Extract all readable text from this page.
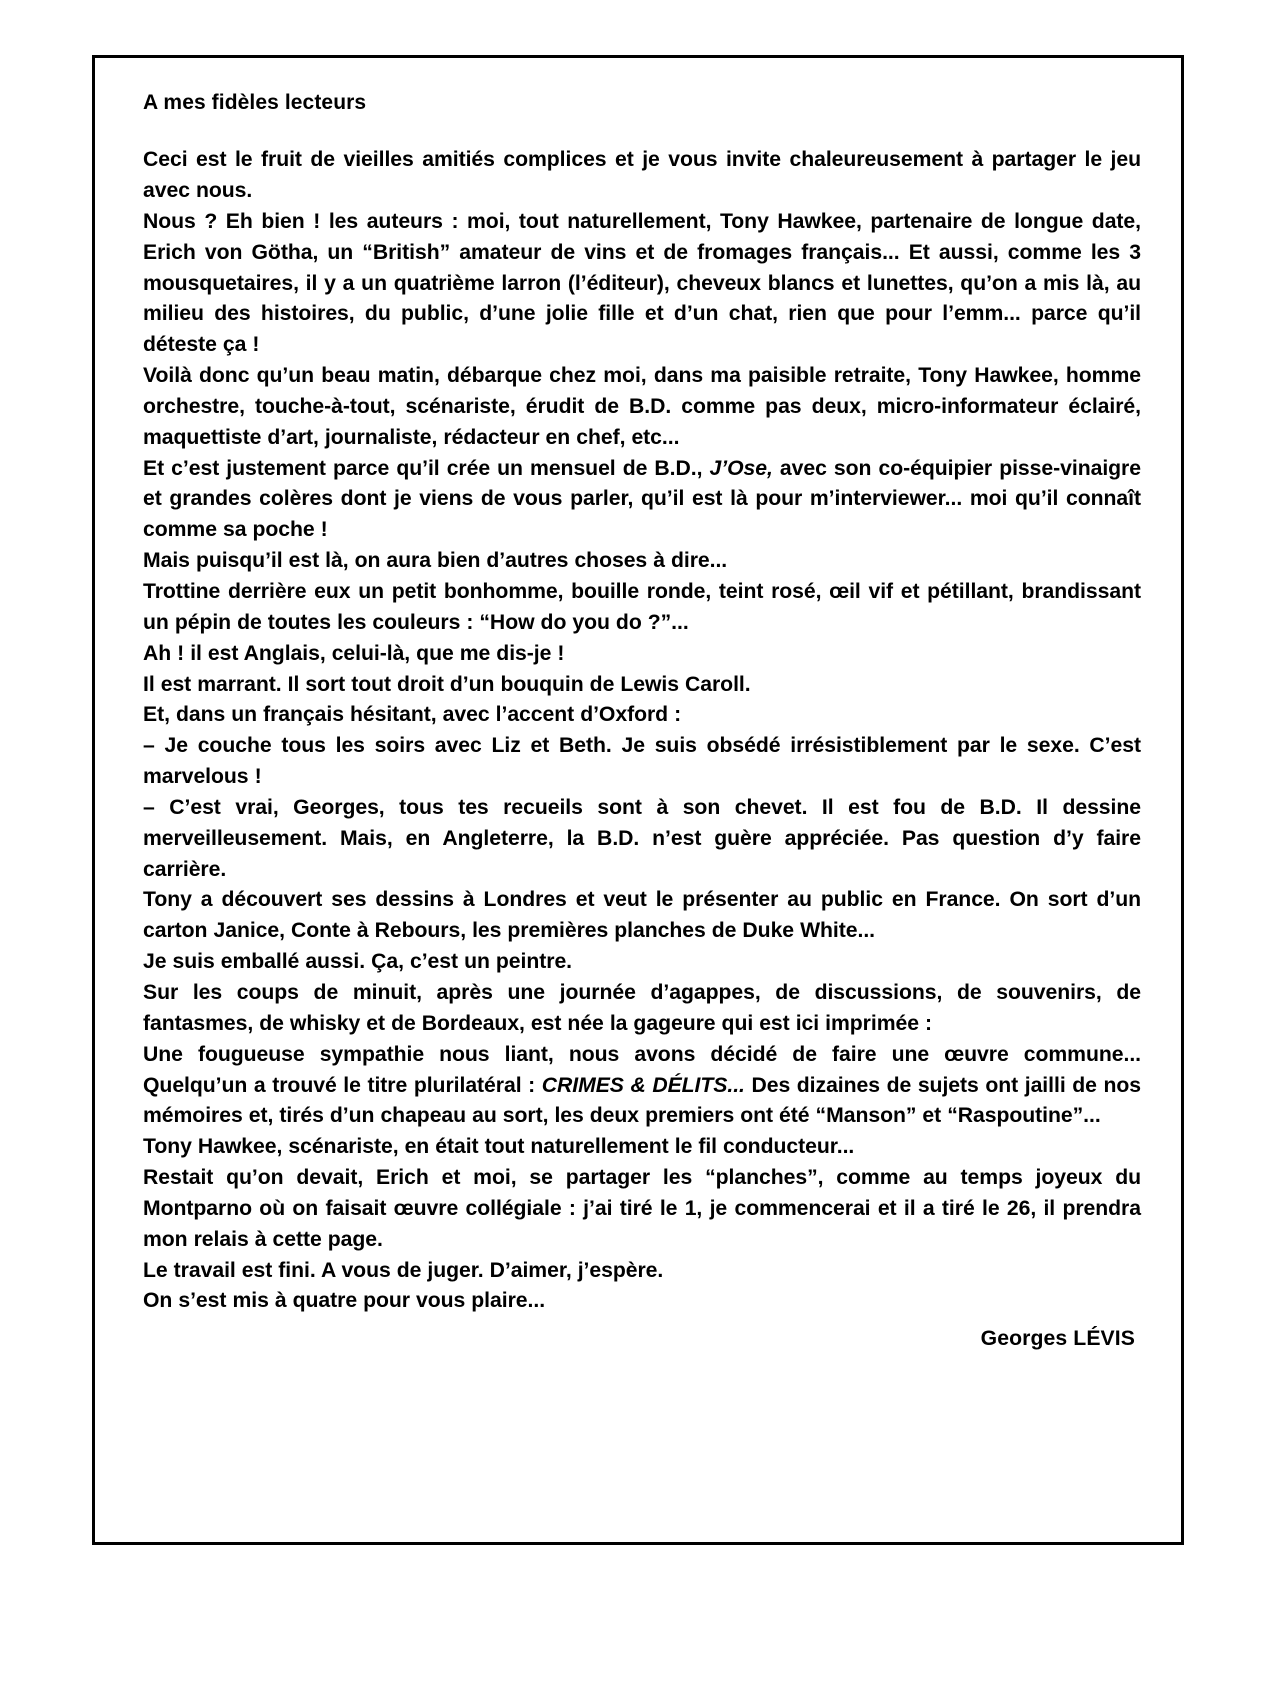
A mes fidèles lecteurs

Ceci est le fruit de vieilles amitiés complices et je vous invite chaleureusement à partager le jeu avec nous.

Nous ? Eh bien ! les auteurs : moi, tout naturellement, Tony Hawkee, partenaire de longue date, Erich von Götha, un “British” amateur de vins et de fromages français... Et aussi, comme les 3 mousquetaires, il y a un quatrième larron (l’éditeur), cheveux blancs et lunettes, qu’on a mis là, au milieu des histoires, du public, d’une jolie fille et d’un chat, rien que pour l’emm... parce qu’il déteste ça !

Voilà donc qu’un beau matin, débarque chez moi, dans ma paisible retraite, Tony Hawkee, homme orchestre, touche-à-tout, scénariste, érudit de B.D. comme pas deux, micro-informateur éclairé, maquettiste d’art, journaliste, rédacteur en chef, etc...

Et c’est justement parce qu’il crée un mensuel de B.D., J’Ose, avec son co-équipier pisse-vinaigre et grandes colères dont je viens de vous parler, qu’il est là pour m’interviewer... moi qu’il connaît comme sa poche !

Mais puisqu’il est là, on aura bien d’autres choses à dire...

Trottine derrière eux un petit bonhomme, bouille ronde, teint rosé, œil vif et pétillant, brandissant un pépin de toutes les couleurs : “How do you do ?”...

Ah ! il est Anglais, celui-là, que me dis-je !

Il est marrant. Il sort tout droit d’un bouquin de Lewis Caroll.

Et, dans un français hésitant, avec l’accent d’Oxford :

– Je couche tous les soirs avec Liz et Beth. Je suis obsédé irrésistiblement par le sexe. C’est marvelous !

– C’est vrai, Georges, tous tes recueils sont à son chevet. Il est fou de B.D. Il dessine merveilleusement. Mais, en Angleterre, la B.D. n’est guère appréciée. Pas question d’y faire carrière.

Tony a découvert ses dessins à Londres et veut le présenter au public en France. On sort d’un carton Janice, Conte à Rebours, les premières planches de Duke White...

Je suis emballé aussi. Ça, c’est un peintre.

Sur les coups de minuit, après une journée d’agappes, de discussions, de souvenirs, de fantasmes, de whisky et de Bordeaux, est née la gageure qui est ici imprimée :

Une fougueuse sympathie nous liant, nous avons décidé de faire une œuvre commune... Quelqu’un a trouvé le titre plurilatéral : CRIMES & DÉLITS... Des dizaines de sujets ont jailli de nos mémoires et, tirés d’un chapeau au sort, les deux premiers ont été “Manson” et “Raspoutine”...

Tony Hawkee, scénariste, en était tout naturellement le fil conducteur...

Restait qu’on devait, Erich et moi, se partager les “planches”, comme au temps joyeux du Montparno où on faisait œuvre collégiale : j’ai tiré le 1, je commencerai et il a tiré le 26, il prendra mon relais à cette page.

Le travail est fini. A vous de juger. D’aimer, j’espère.

On s’est mis à quatre pour vous plaire...

Georges LÉVIS
